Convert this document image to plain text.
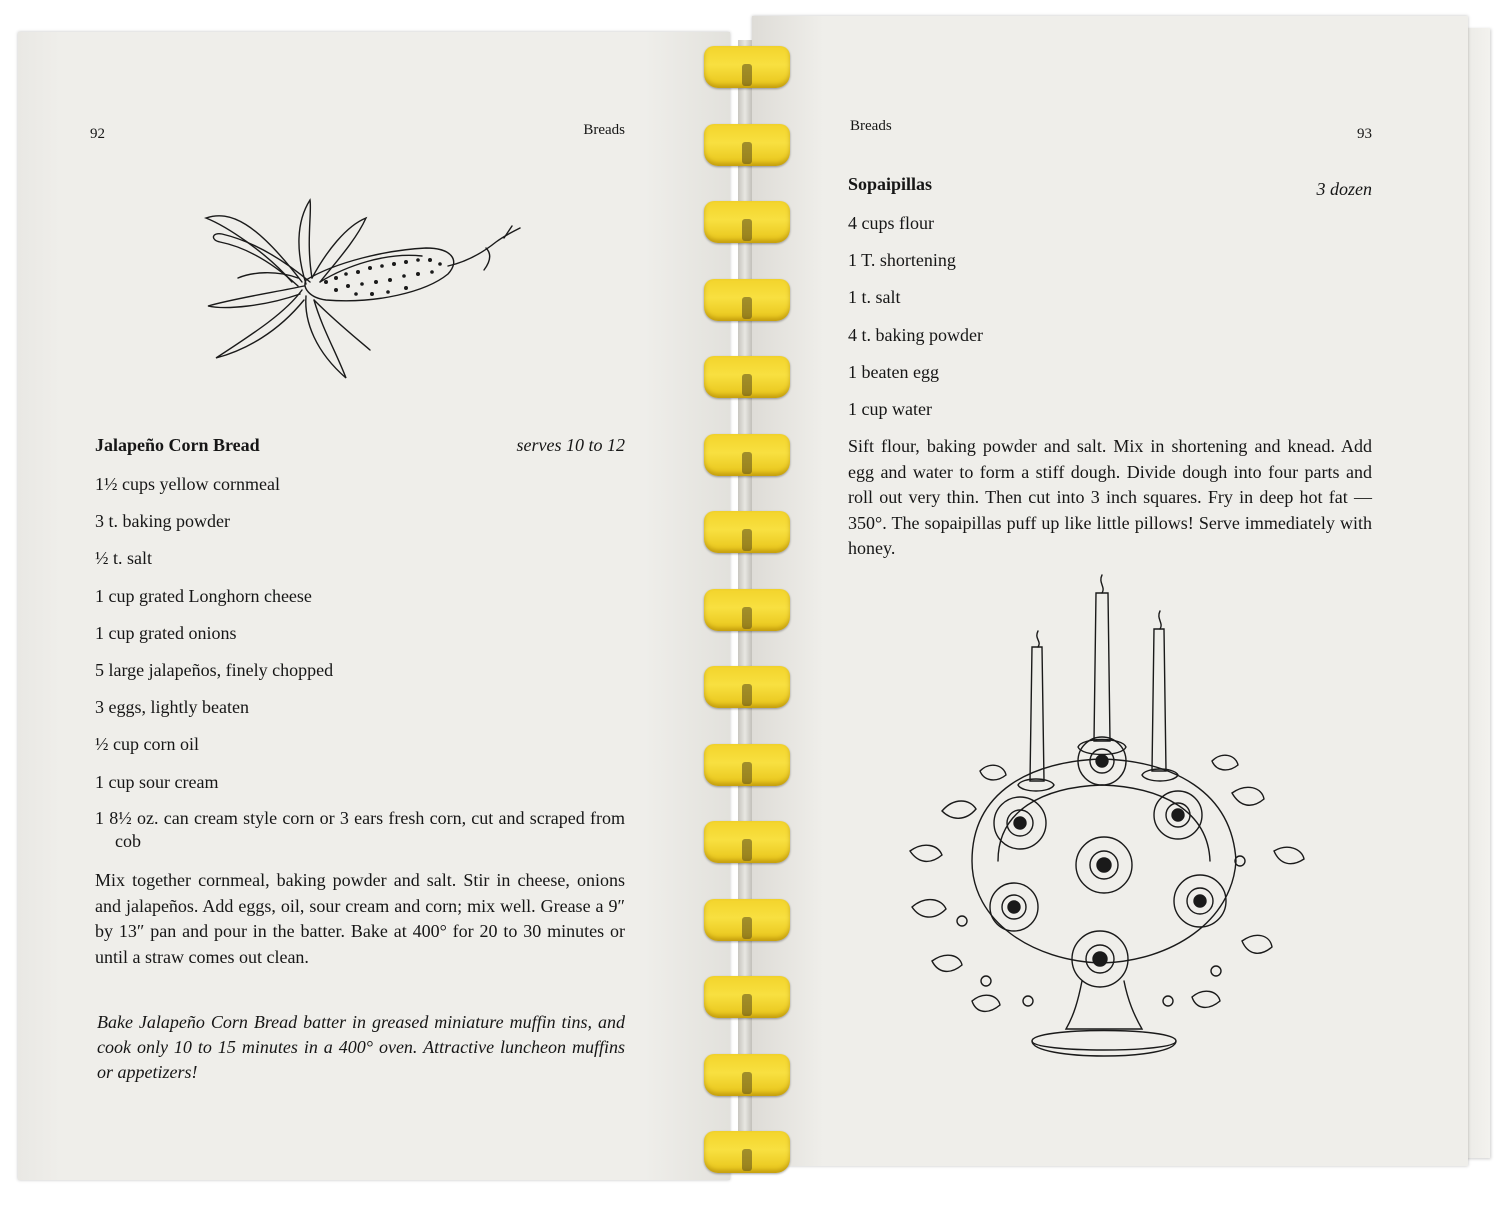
92	Breads
Jalapeño Corn Bread	serves 10 to 12
1½ cups yellow cornmeal
3 t. baking powder
½ t. salt
1 cup grated Longhorn cheese
1 cup grated onions
5 large jalapeños, finely chopped
3 eggs, lightly beaten
½ cup corn oil
1 cup sour cream
1 8½ oz. can cream style corn or 3 ears fresh corn, cut and scraped from cob

Mix together cornmeal, baking powder and salt. Stir in cheese, onions and jalapeños. Add eggs, oil, sour cream and corn; mix well. Grease a 9″ by 13″ pan and pour in the batter. Bake at 400° for 20 to 30 minutes or until a straw comes out clean.

Bake Jalapeño Corn Bread batter in greased miniature muffin tins, and cook only 10 to 15 minutes in a 400° oven. Attractive luncheon muffins or appetizers!

Breads	93
Sopaipillas	3 dozen
4 cups flour
1 T. shortening
1 t. salt
4 t. baking powder
1 beaten egg
1 cup water

Sift flour, baking powder and salt. Mix in shortening and knead. Add egg and water to form a stiff dough. Divide dough into four parts and roll out very thin. Then cut into 3 inch squares. Fry in deep hot fat — 350°. The sopaipillas puff up like little pillows! Serve immediately with honey.
